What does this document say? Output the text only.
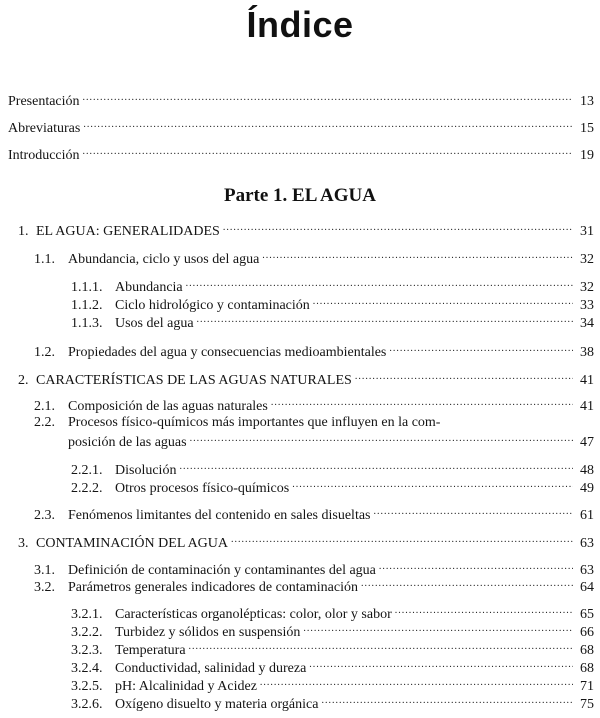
Índice
Presentación .....	13
Abreviaturas .....	15
Introducción .....	19
Parte 1. EL AGUA
1. EL AGUA: GENERALIDADES .....	31
1.1. Abundancia, ciclo y usos del agua .....	32
1.1.1. Abundancia .....	32
1.1.2. Ciclo hidrológico y contaminación .....	33
1.1.3. Usos del agua .....	34
1.2. Propiedades del agua y consecuencias medioambientales .....	38
2. CARACTERÍSTICAS DE LAS AGUAS NATURALES .....	41
2.1. Composición de las aguas naturales .....	41
2.2. Procesos físico-químicos más importantes que influyen en la com-
posición de las aguas .....	47
2.2.1. Disolución .....	48
2.2.2. Otros procesos físico-químicos .....	49
2.3. Fenómenos limitantes del contenido en sales disueltas .....	61
3. CONTAMINACIÓN DEL AGUA .....	63
3.1. Definición de contaminación y contaminantes del agua .....	63
3.2. Parámetros generales indicadores de contaminación .....	64
3.2.1. Características organolépticas: color, olor y sabor .....	65
3.2.2. Turbidez y sólidos en suspensión .....	66
3.2.3. Temperatura .....	68
3.2.4. Conductividad, salinidad y dureza .....	68
3.2.5. pH: Alcalinidad y Acidez .....	71
3.2.6. Oxígeno disuelto y materia orgánica .....	75
